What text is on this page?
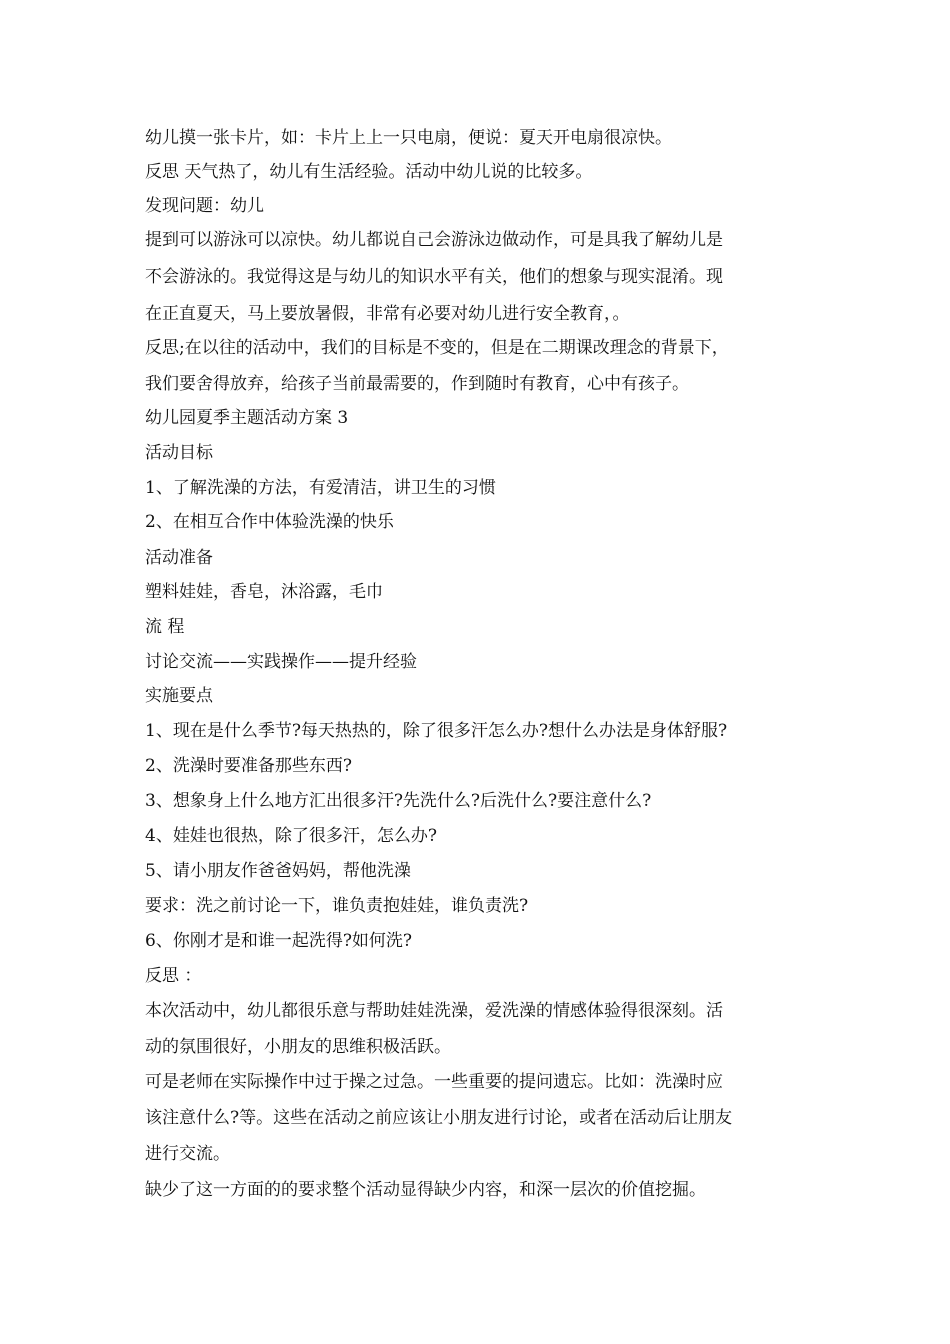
幼儿摸一张卡片，如：卡片上上一只电扇，便说：夏天开电扇很凉快。

反思 天气热了，幼儿有生活经验。活动中幼儿说的比较多。

发现问题：幼儿

提到可以游泳可以凉快。幼儿都说自己会游泳边做动作，可是具我了解幼儿是

不会游泳的。我觉得这是与幼儿的知识水平有关，他们的想象与现实混淆。现

在正直夏天，马上要放暑假，非常有必要对幼儿进行安全教育，。

反思;在以往的活动中，我们的目标是不变的，但是在二期课改理念的背景下，

我们要舍得放弃，给孩子当前最需要的，作到随时有教育，心中有孩子。

幼儿园夏季主题活动方案 3

活动目标

1、了解洗澡的方法，有爱清洁，讲卫生的习惯

2、在相互合作中体验洗澡的快乐

活动准备

塑料娃娃，香皂，沐浴露，毛巾

流 程

讨论交流——实践操作——提升经验

实施要点

1、现在是什么季节?每天热热的，除了很多汗怎么办?想什么办法是身体舒服?

2、洗澡时要准备那些东西?

3、想象身上什么地方汇出很多汗?先洗什么?后洗什么?要注意什么?

4、娃娃也很热，除了很多汗，怎么办?

5、请小朋友作爸爸妈妈，帮他洗澡

要求：洗之前讨论一下，谁负责抱娃娃，谁负责洗?

6、你刚才是和谁一起洗得?如何洗?

反思 ：

本次活动中，幼儿都很乐意与帮助娃娃洗澡，爱洗澡的情感体验得很深刻。活

动的氛围很好，小朋友的思维积极活跃。

可是老师在实际操作中过于操之过急。一些重要的提问遗忘。比如：洗澡时应

该注意什么?等。这些在活动之前应该让小朋友进行讨论，或者在活动后让朋友

进行交流。

缺少了这一方面的的要求整个活动显得缺少内容，和深一层次的价值挖掘。
